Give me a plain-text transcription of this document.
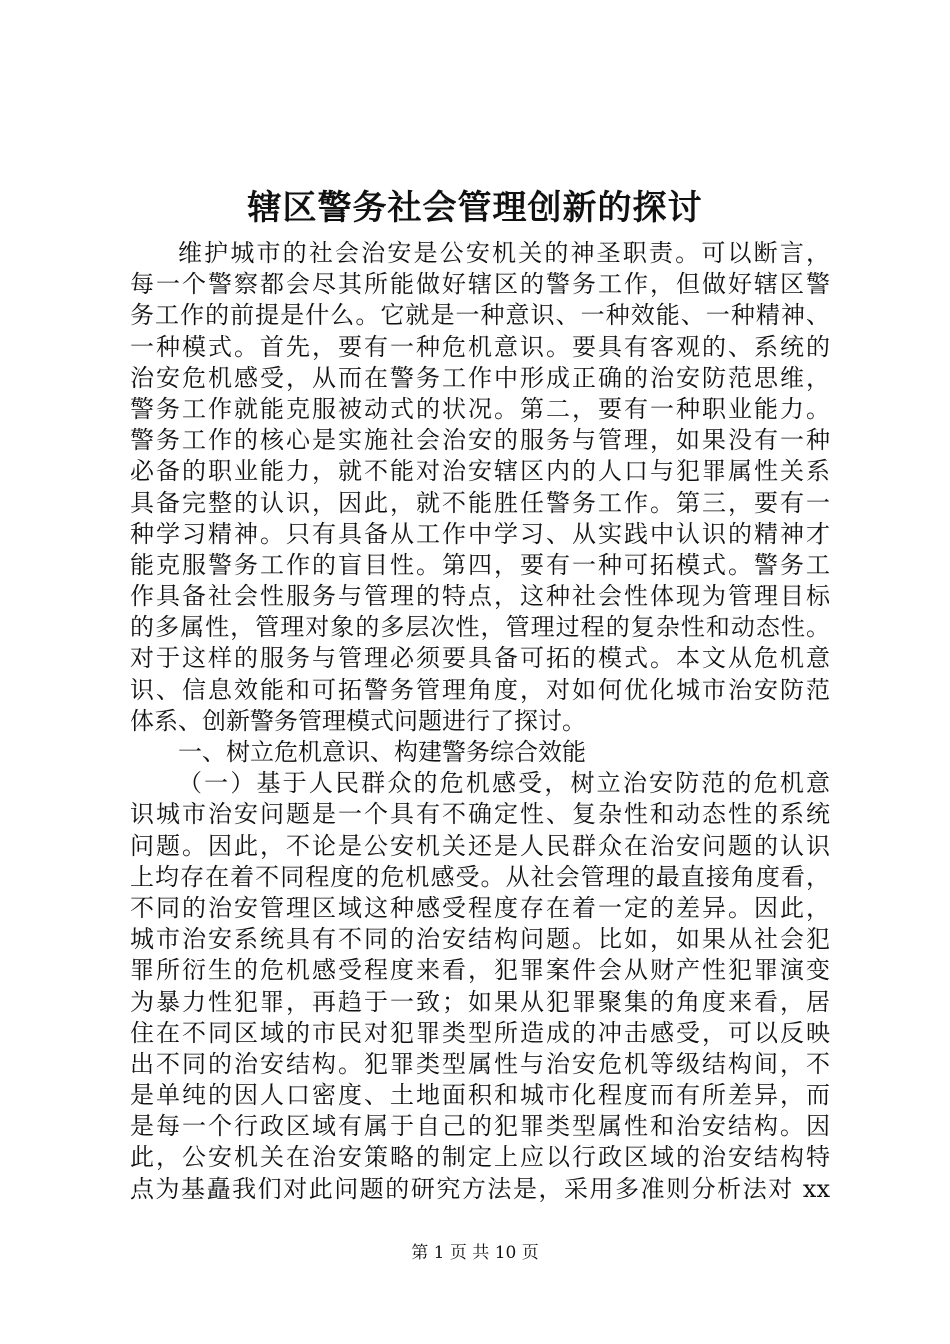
辖区警务社会管理创新的探讨
维护城市的社会治安是公安机关的神圣职责。可以断言，
每一个警察都会尽其所能做好辖区的警务工作，但做好辖区警
务工作的前提是什么。它就是一种意识、一种效能、一种精神、
一种模式。首先，要有一种危机意识。要具有客观的、系统的
治安危机感受，从而在警务工作中形成正确的治安防范思维，
警务工作就能克服被动式的状况。第二，要有一种职业能力。
警务工作的核心是实施社会治安的服务与管理，如果没有一种
必备的职业能力，就不能对治安辖区内的人口与犯罪属性关系
具备完整的认识，因此，就不能胜任警务工作。第三，要有一
种学习精神。只有具备从工作中学习、从实践中认识的精神才
能克服警务工作的盲目性。第四，要有一种可拓模式。警务工
作具备社会性服务与管理的特点，这种社会性体现为管理目标
的多属性，管理对象的多层次性，管理过程的复杂性和动态性。
对于这样的服务与管理必须要具备可拓的模式。本文从危机意
识、信息效能和可拓警务管理角度，对如何优化城市治安防范
体系、创新警务管理模式问题进行了探讨。
一、树立危机意识、构建警务综合效能
（一）基于人民群众的危机感受，树立治安防范的危机意
识城市治安问题是一个具有不确定性、复杂性和动态性的系统
问题。因此，不论是公安机关还是人民群众在治安问题的认识
上均存在着不同程度的危机感受。从社会管理的最直接角度看，
不同的治安管理区域这种感受程度存在着一定的差异。因此，
城市治安系统具有不同的治安结构问题。比如，如果从社会犯
罪所衍生的危机感受程度来看，犯罪案件会从财产性犯罪演变
为暴力性犯罪，再趋于一致；如果从犯罪聚集的角度来看，居
住在不同区域的市民对犯罪类型所造成的冲击感受，可以反映
出不同的治安结构。犯罪类型属性与治安危机等级结构间，不
是单纯的因人口密度、土地面积和城市化程度而有所差异，而
是每一个行政区域有属于自己的犯罪类型属性和治安结构。因
此，公安机关在治安策略的制定上应以行政区域的治安结构特
点为基矗我们对此问题的研究方法是，采用多准则分析法对 xx
第 1 页 共 10 页
